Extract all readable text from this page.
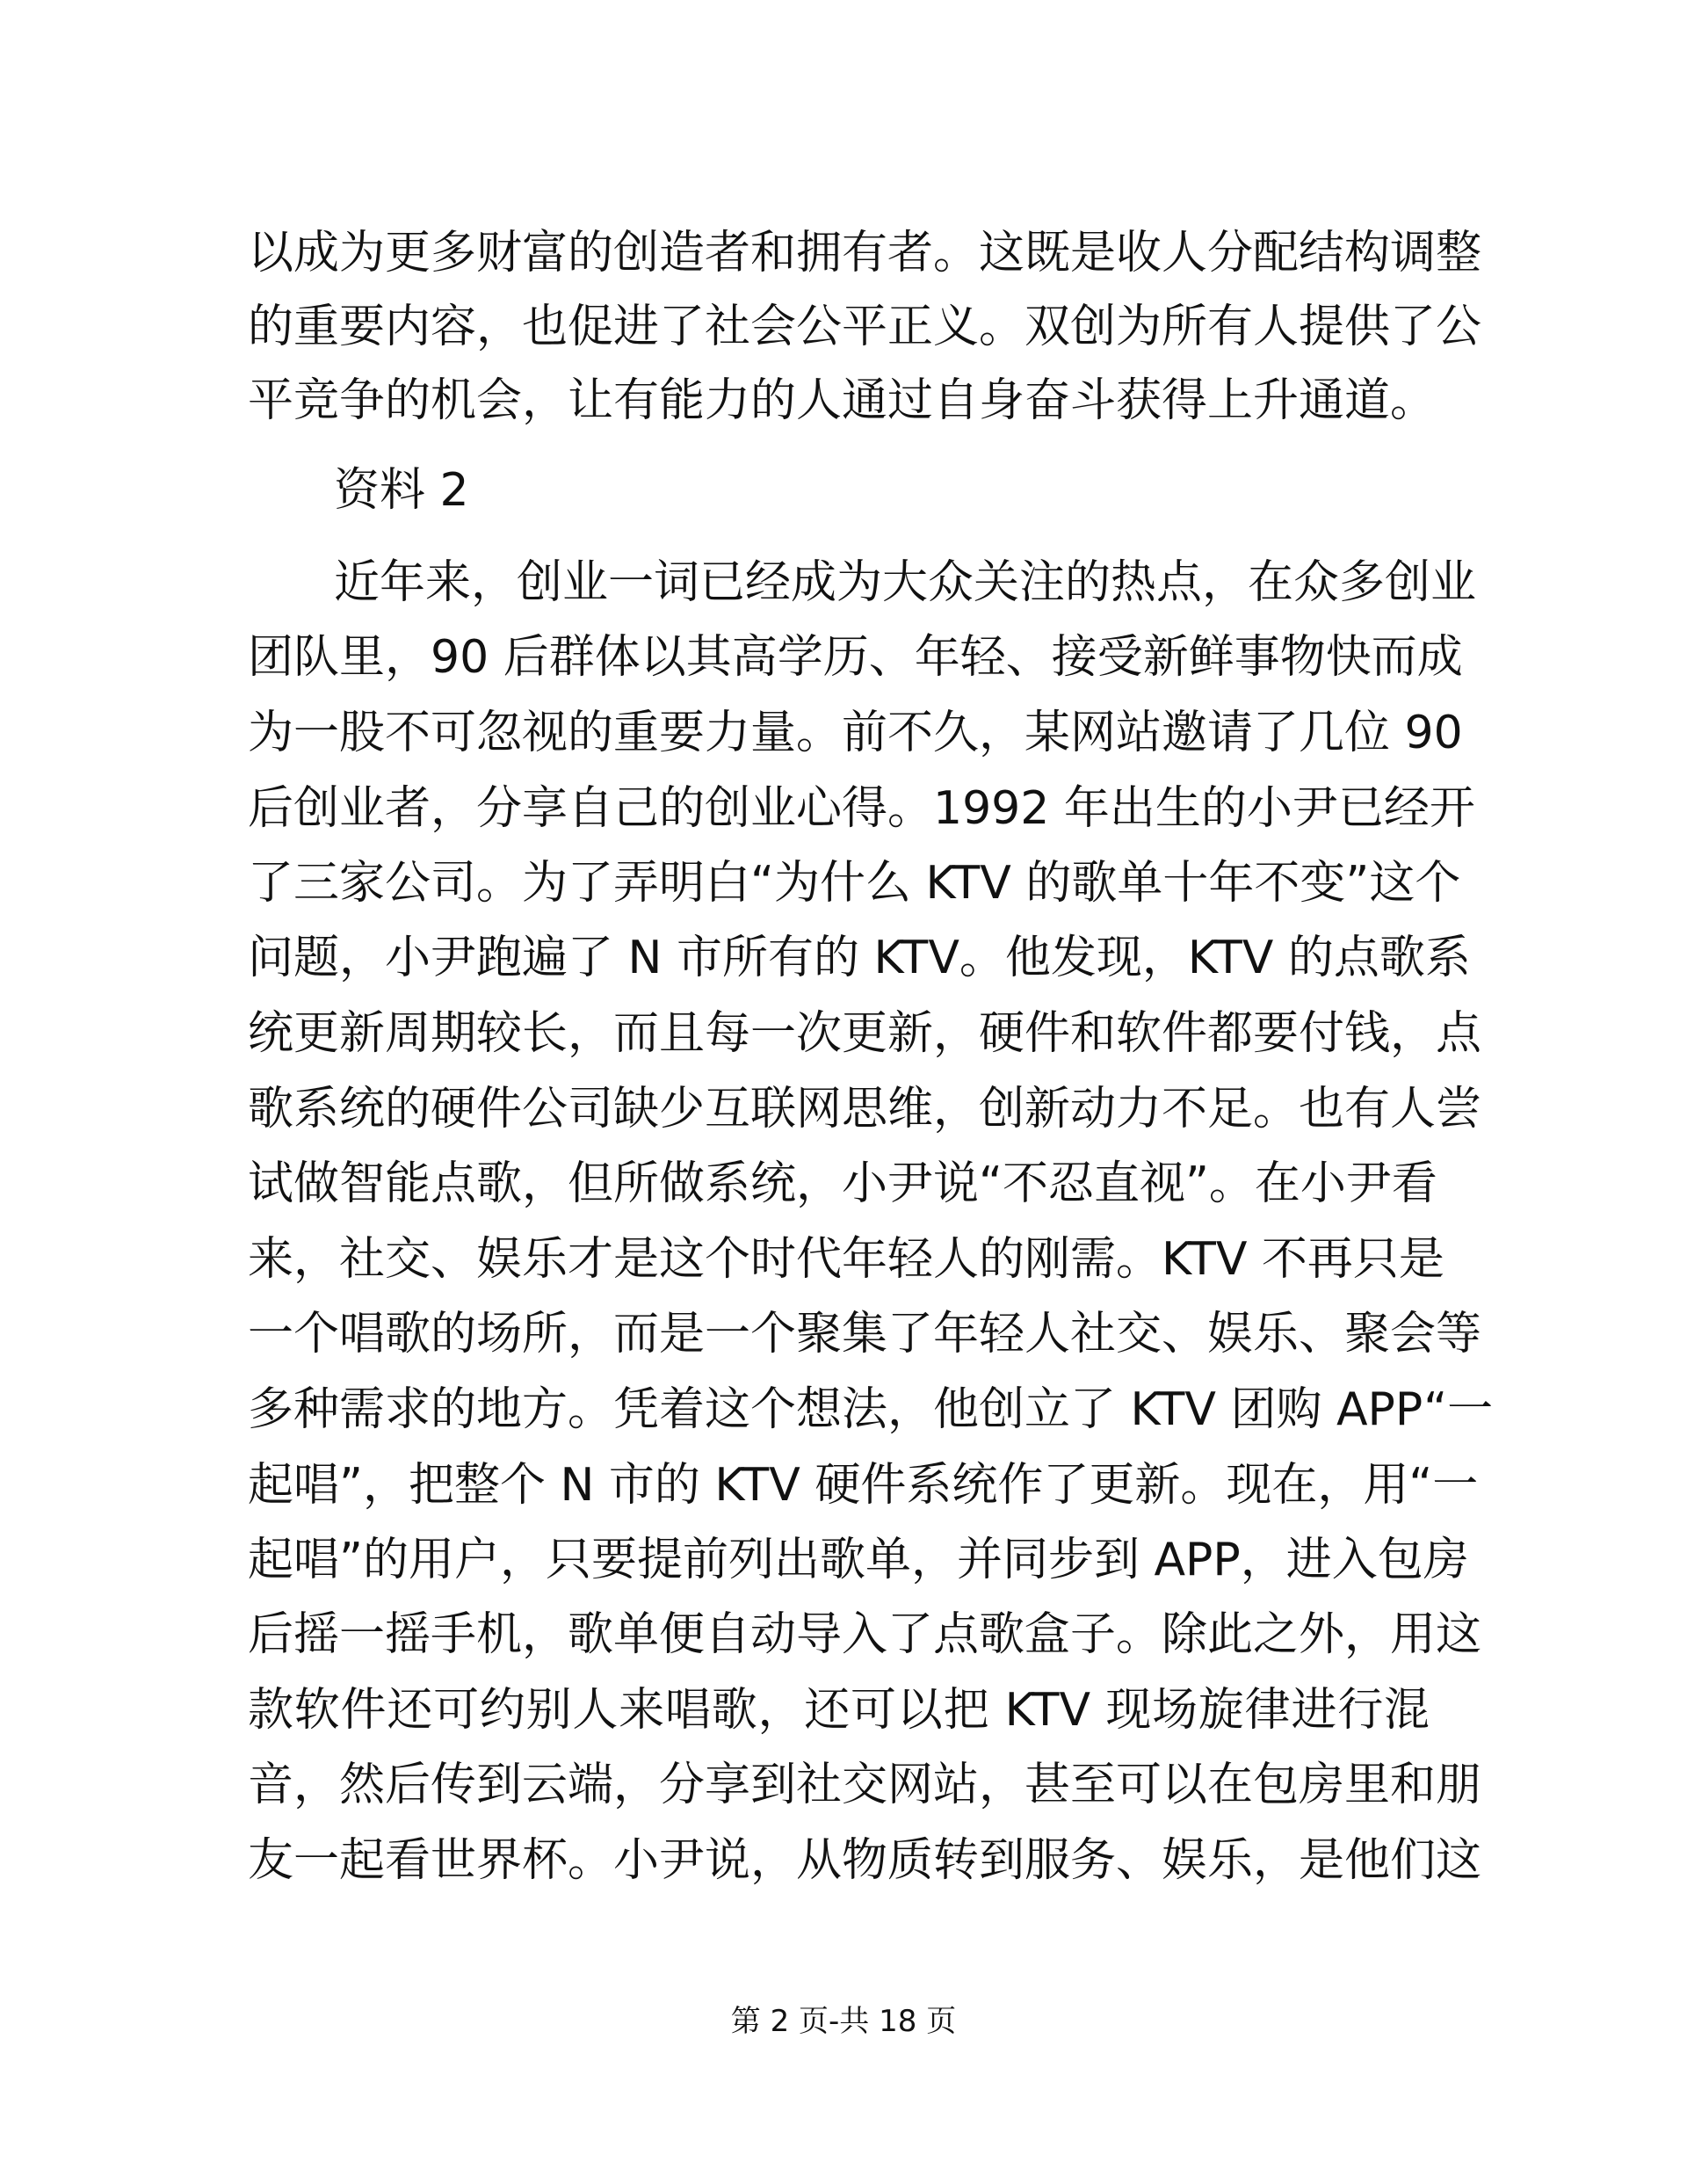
以成为更多财富的创造者和拥有者。这既是收人分配结构调整
的重要内容，也促进了社会公平正义。双创为所有人提供了公
平竞争的机会，让有能力的人通过自身奋斗获得上升通道。
资料 2
近年来，创业一词已经成为大众关注的热点，在众多创业
团队里，90 后群体以其高学历、年轻、接受新鲜事物快而成
为一股不可忽视的重要力量。前不久，某网站邀请了几位 90
后创业者，分享自己的创业心得。1992 年出生的小尹已经开
了三家公司。为了弄明白“为什么 KTV 的歌单十年不变”这个
问题，小尹跑遍了 N 市所有的 KTV。他发现，KTV 的点歌系
统更新周期较长，而且每一次更新，硬件和软件都要付钱，点
歌系统的硬件公司缺少互联网思维，创新动力不足。也有人尝
试做智能点歌，但所做系统，小尹说“不忍直视”。在小尹看
来，社交、娱乐才是这个时代年轻人的刚需。KTV 不再只是
一个唱歌的场所，而是一个聚集了年轻人社交、娱乐、聚会等
多种需求的地方。凭着这个想法，他创立了 KTV 团购 APP“一
起唱”，把整个 N 市的 KTV 硬件系统作了更新。现在，用“一
起唱”的用户，只要提前列出歌单，并同步到 APP，进入包房
后摇一摇手机，歌单便自动导入了点歌盒子。除此之外，用这
款软件还可约别人来唱歌，还可以把 KTV 现场旋律进行混
音，然后传到云端，分享到社交网站，甚至可以在包房里和朋
友一起看世界杯。小尹说，从物质转到服务、娱乐，是他们这
第 2 页-共 18 页
